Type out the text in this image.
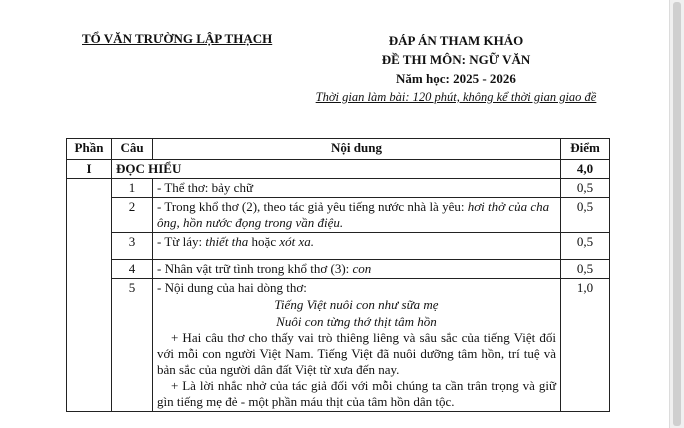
TỔ VĂN TRƯỜNG LẬP THẠCH	ĐÁP ÁN THAM KHẢO
ĐỀ THI MÔN: NGỮ VĂN
Năm học: 2025 - 2026
Thời gian làm bài: 120 phút, không kể thời gian giao đề
Phần	Câu	Nội dung	Điểm
I	ĐỌC HIỂU		4,0
	1	- Thể thơ: bảy chữ	0,5
	2	- Trong khổ thơ (2), theo tác giả yêu tiếng nước nhà là yêu: hơi thở của cha ông, hồn nước đọng trong vần điệu.	0,5
	3	- Từ láy: thiết tha hoặc xót xa.	0,5
	4	- Nhân vật trữ tình trong khổ thơ (3): con	0,5
	5	- Nội dung của hai dòng thơ:
Tiếng Việt nuôi con như sữa mẹ
Nuôi con từng thớ thịt tâm hồn
+ Hai câu thơ cho thấy vai trò thiêng liêng và sâu sắc của tiếng Việt đối với mỗi con người Việt Nam. Tiếng Việt đã nuôi dưỡng tâm hồn, trí tuệ và bản sắc của người dân đất Việt từ xưa đến nay.
+ Là lời nhắc nhở của tác giả đối với mỗi chúng ta cần trân trọng và giữ gìn tiếng mẹ đẻ - một phần máu thịt của tâm hồn dân tộc.	1,0
